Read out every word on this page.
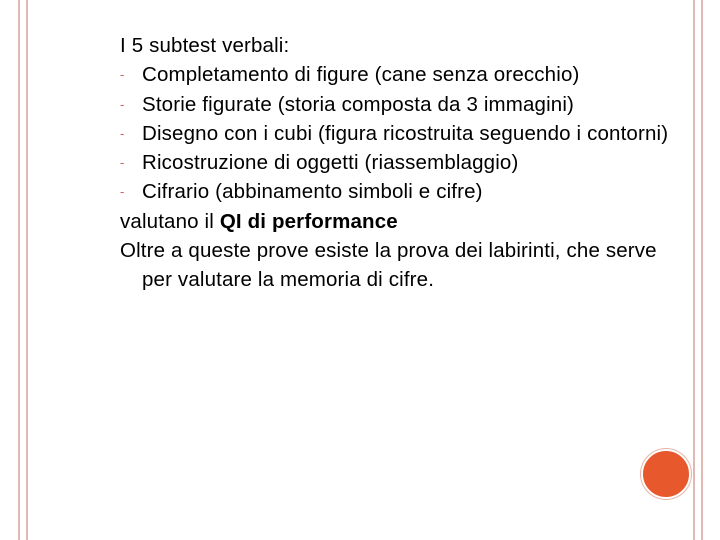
I 5 subtest verbali:
- Completamento di figure (cane senza orecchio)
- Storie figurate (storia composta da 3 immagini)
- Disegno con i cubi (figura ricostruita seguendo i contorni)
- Ricostruzione di oggetti (riassemblaggio)
- Cifrario (abbinamento simboli e cifre)
valutano il QI di performance
Oltre a queste prove esiste la prova dei labirinti, che serve per valutare la memoria di cifre.
